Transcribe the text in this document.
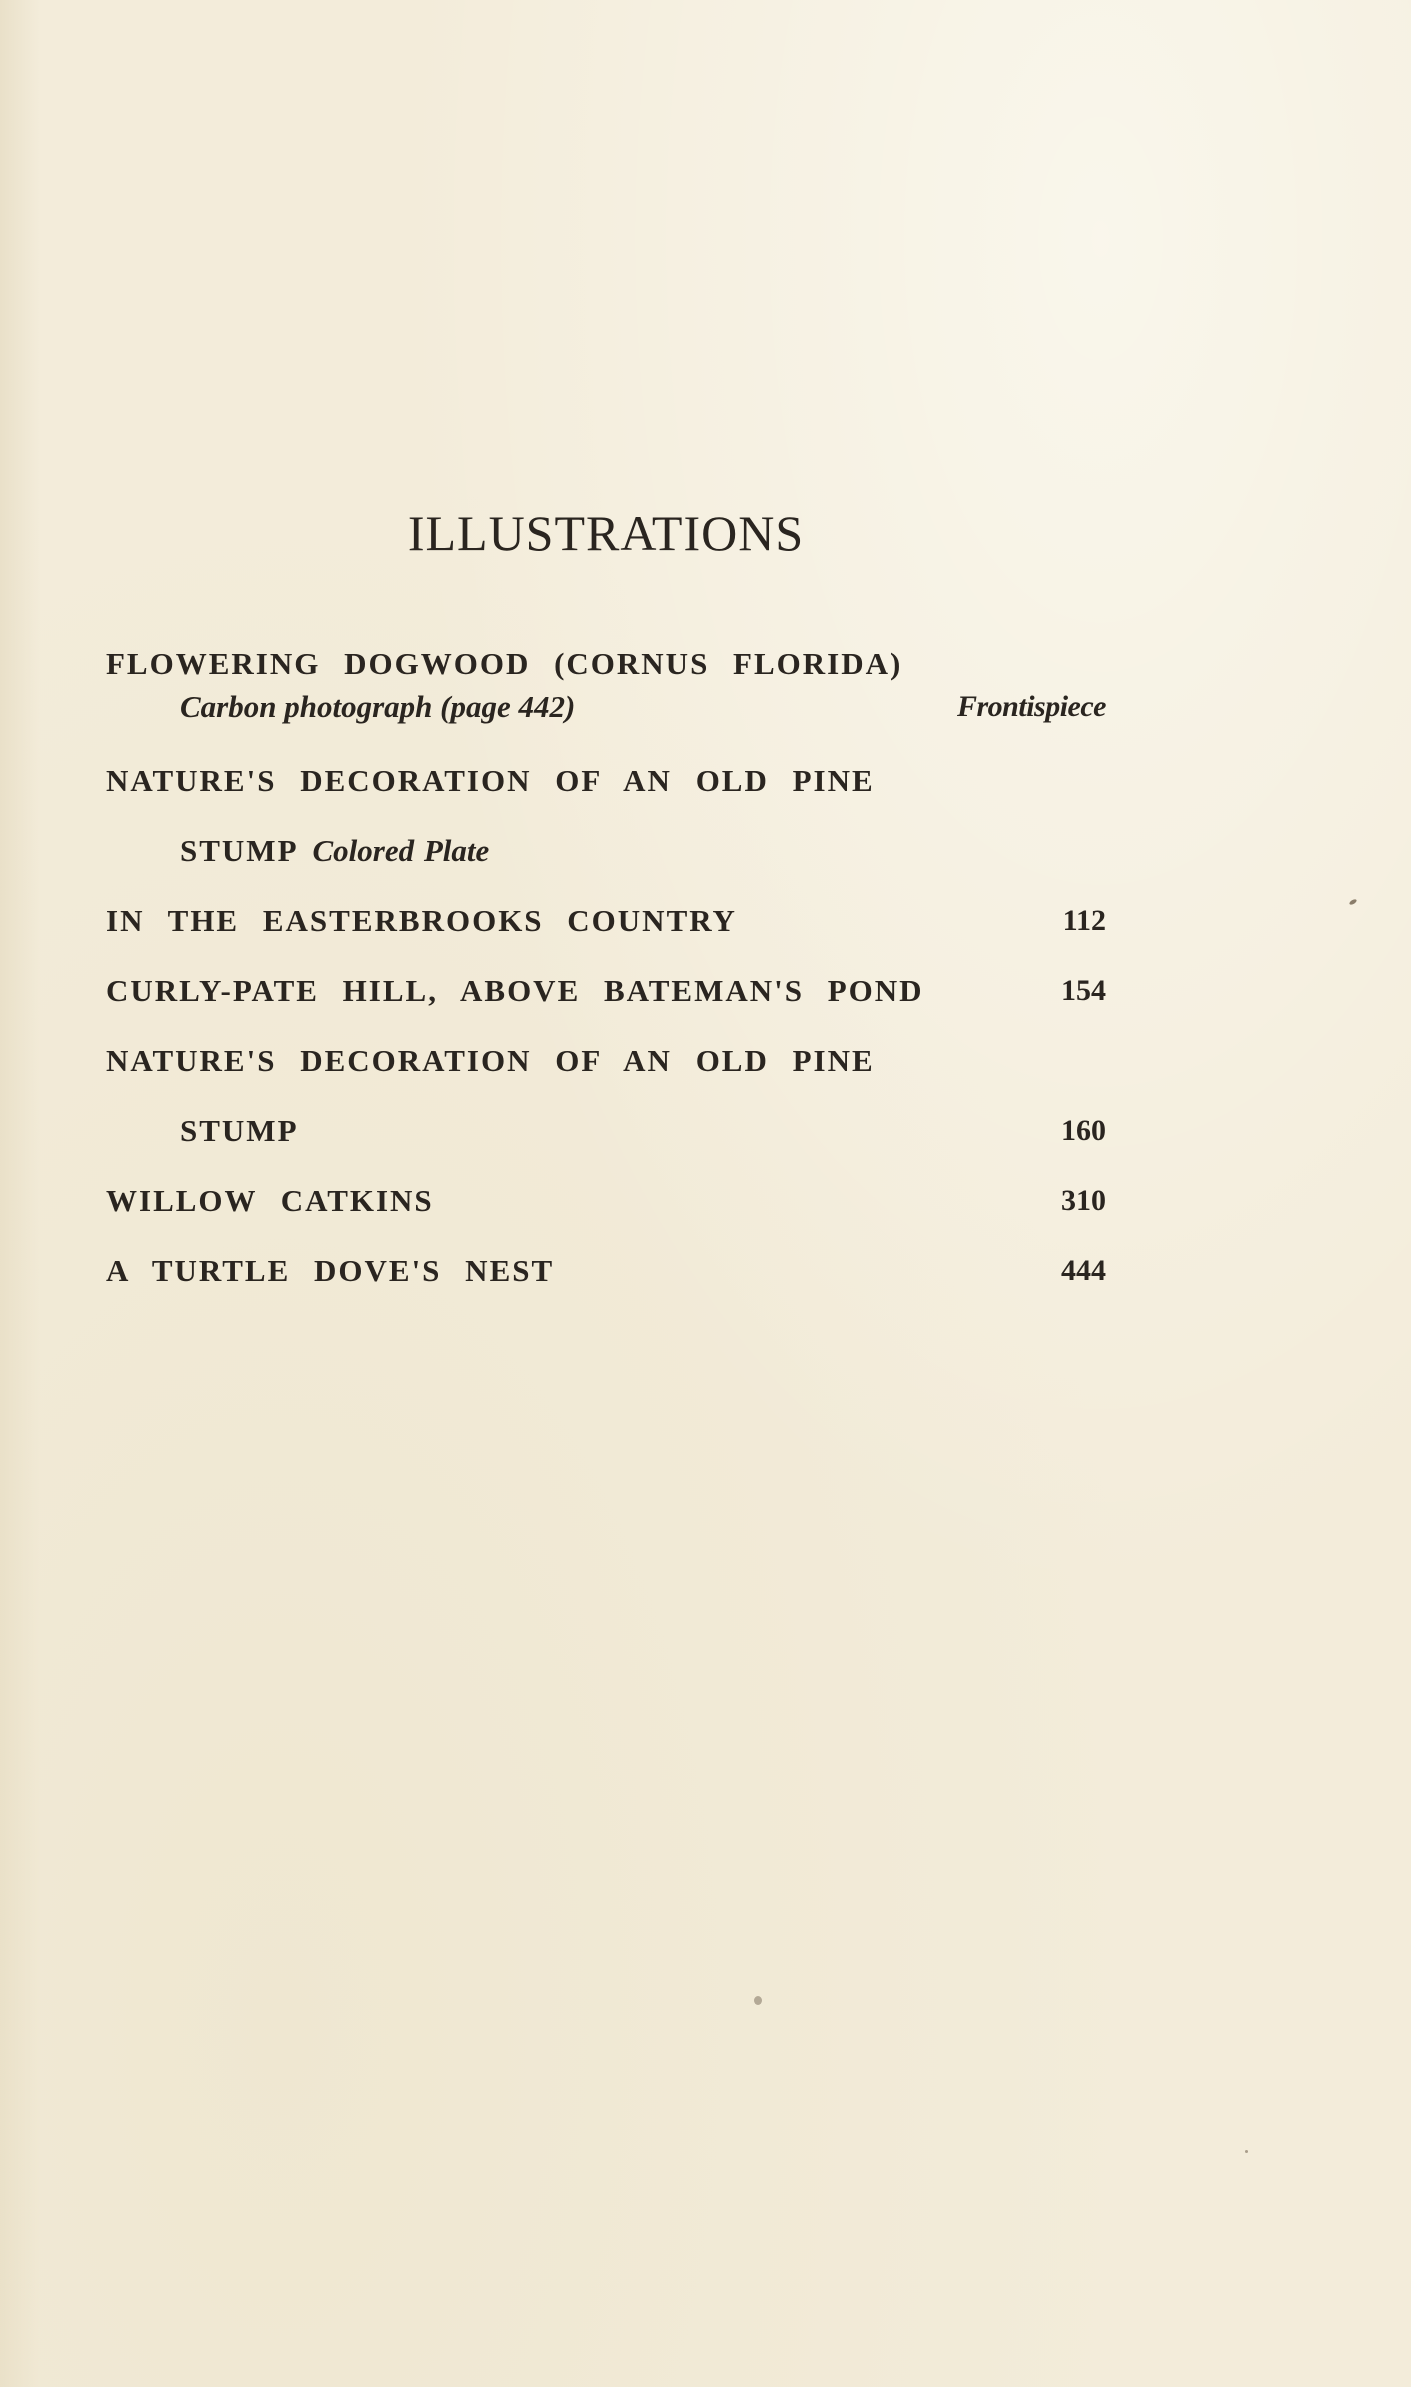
ILLUSTRATIONS
FLOWERING DOGWOOD (CORNUS FLORIDA)
Carbon photograph (page 442)	Frontispiece
NATURE'S DECORATION OF AN OLD PINE
STUMP Colored Plate
IN THE EASTERBROOKS COUNTRY	112
CURLY-PATE HILL, ABOVE BATEMAN'S POND	154
NATURE'S DECORATION OF AN OLD PINE
STUMP	160
WILLOW CATKINS	310
A TURTLE DOVE'S NEST	444
